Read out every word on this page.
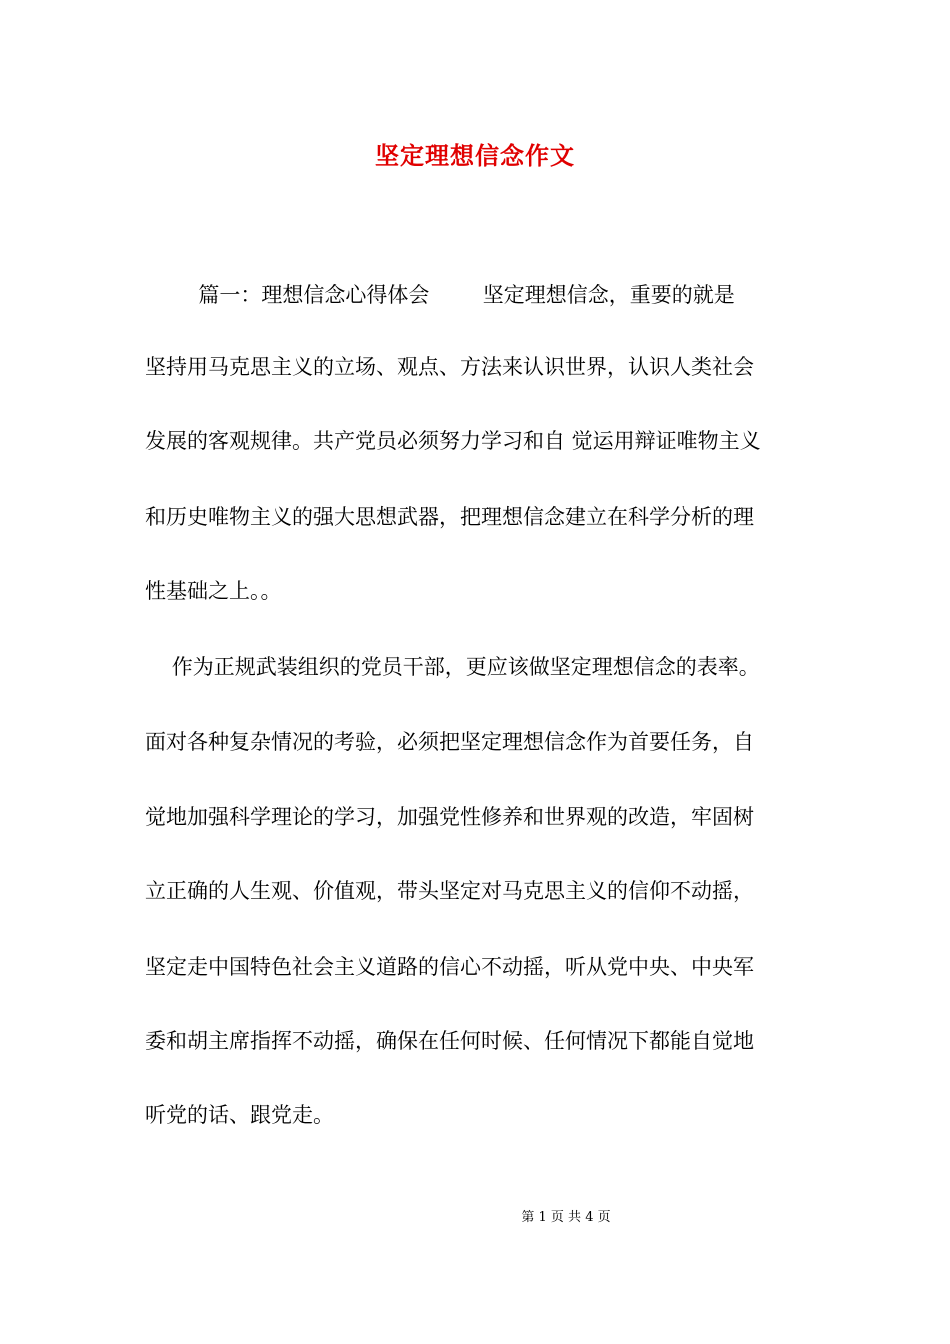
坚定理想信念作文
篇一：理想信念心得体会        坚定理想信念，重要的就是
坚持用马克思主义的立场、观点、方法来认识世界，认识人类社会
发展的客观规律。共产党员必须努力学习和自 觉运用辩证唯物主义
和历史唯物主义的强大思想武器，把理想信念建立在科学分析的理
性基础之上。。
作为正规武装组织的党员干部，更应该做坚定理想信念的表率。
面对各种复杂情况的考验，必须把坚定理想信念作为首要任务，自
觉地加强科学理论的学习，加强党性修养和世界观的改造，牢固树
立正确的人生观、价值观，带头坚定对马克思主义的信仰不动摇，
坚定走中国特色社会主义道路的信心不动摇，听从党中央、中央军
委和胡主席指挥不动摇，确保在任何时候、任何情况下都能自觉地
听党的话、跟党走。
第 1 页 共 4 页
